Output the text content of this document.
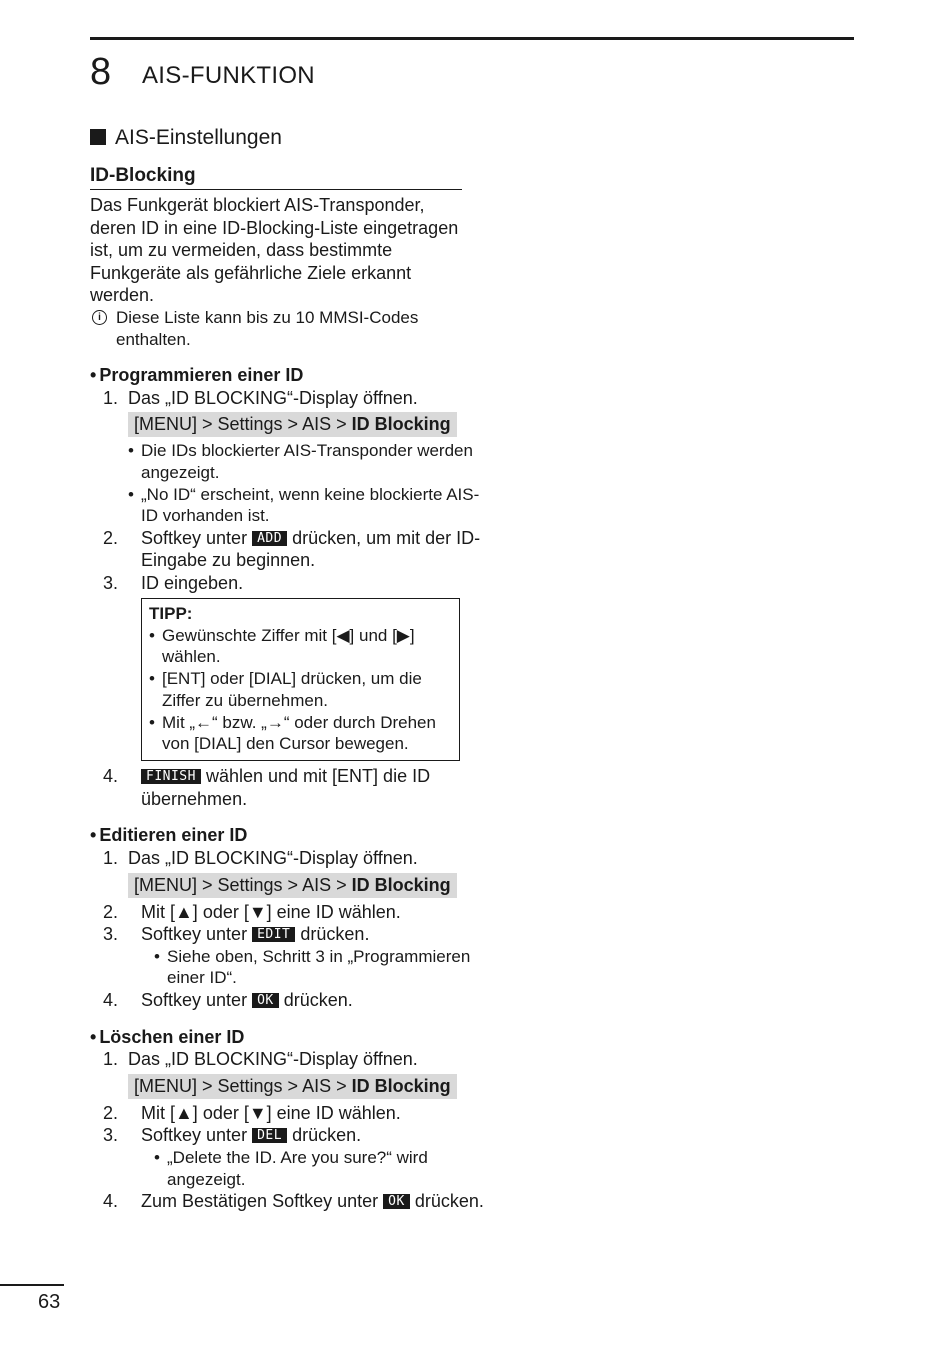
8 AIS-FUNKTION
AIS-Einstellungen
ID-Blocking
Das Funkgerät blockiert AIS-Transponder, deren ID in eine ID-Blocking-Liste eingetragen ist, um zu vermeiden, dass bestimmte Funkgeräte als gefährliche Ziele erkannt werden.
i Diese Liste kann bis zu 10 MMSI-Codes enthalten.
• Programmieren einer ID
1. Das „ID BLOCKING“-Display öffnen.
[MENU] > Settings > AIS > ID Blocking
• Die IDs blockierter AIS-Transponder werden angezeigt.
• „No ID“ erscheint, wenn keine blockierte AIS-ID vorhanden ist.
2. Softkey unter ADD drücken, um mit der ID-Eingabe zu beginnen.
3. ID eingeben.
TIPP:
• Gewünschte Ziffer mit [◀] und [▶] wählen.
• [ENT] oder [DIAL] drücken, um die Ziffer zu übernehmen.
• Mit „←“ bzw. „→“ oder durch Drehen von [DIAL] den Cursor bewegen.
4. FINISH wählen und mit [ENT] die ID übernehmen.
• Editieren einer ID
1. Das „ID BLOCKING“-Display öffnen.
[MENU] > Settings > AIS > ID Blocking
2. Mit [▲] oder [▼] eine ID wählen.
3. Softkey unter EDIT drücken.
• Siehe oben, Schritt 3 in „Programmieren einer ID“.
4. Softkey unter OK drücken.
• Löschen einer ID
1. Das „ID BLOCKING“-Display öffnen.
[MENU] > Settings > AIS > ID Blocking
2. Mit [▲] oder [▼] eine ID wählen.
3. Softkey unter DEL drücken.
• „Delete the ID. Are you sure?“ wird angezeigt.
4. Zum Bestätigen Softkey unter OK drücken.
63
